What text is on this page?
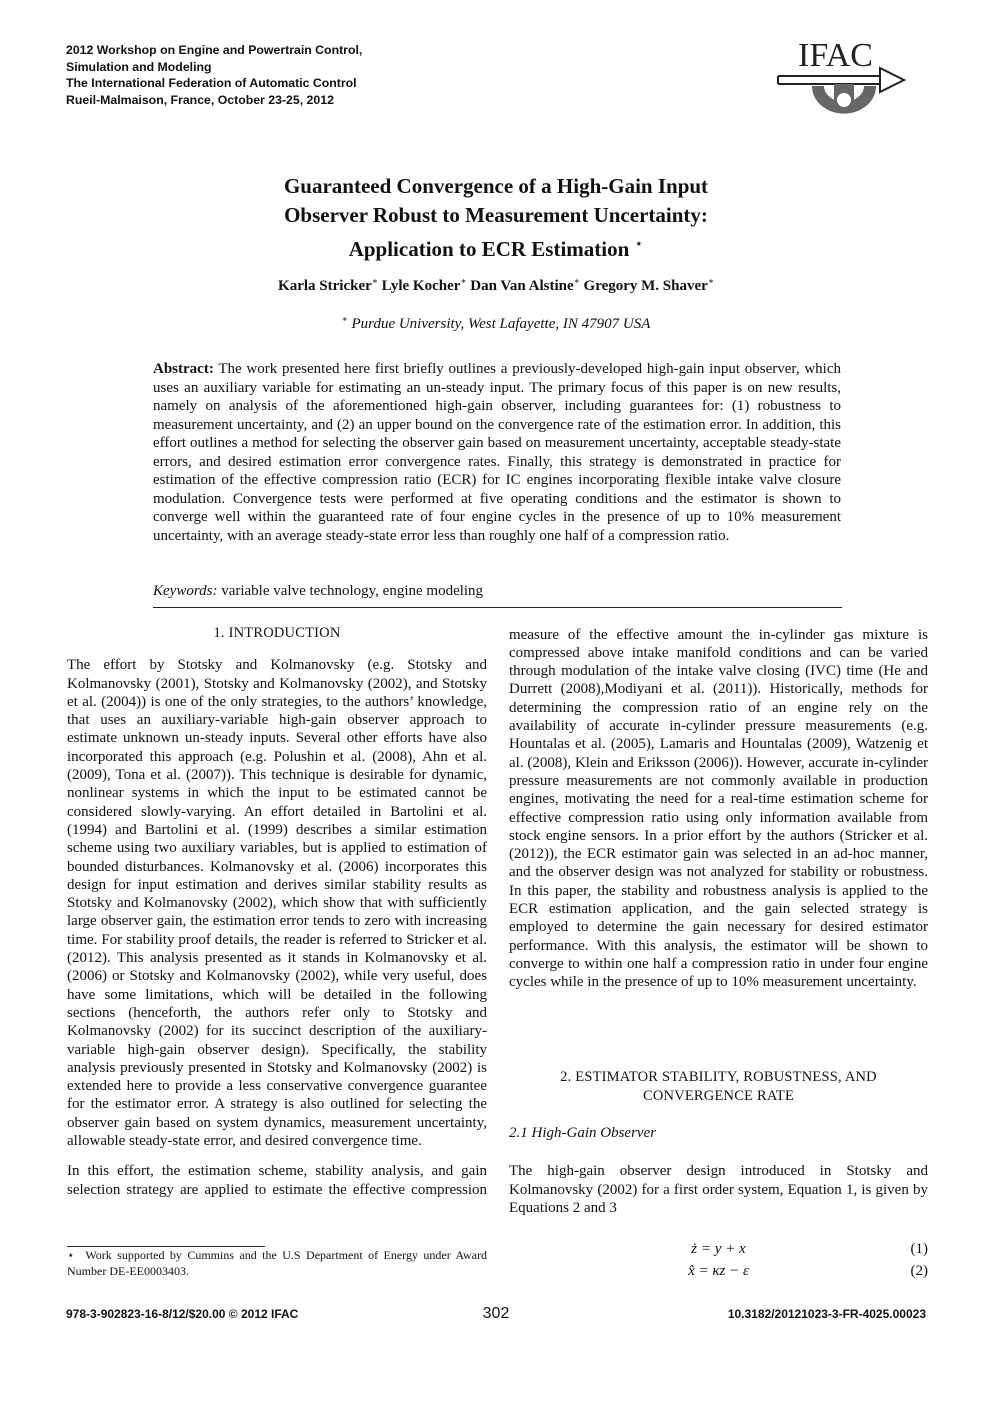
2012 Workshop on Engine and Powertrain Control,
Simulation and Modeling
The International Federation of Automatic Control
Rueil-Malmaison, France, October 23-25, 2012
IFAC
Guaranteed Convergence of a High-Gain Input
Observer Robust to Measurement Uncertainty:
Application to ECR Estimation ⋆
Karla Stricker∗ Lyle Kocher∗ Dan Van Alstine∗ Gregory M. Shaver∗
∗ Purdue University, West Lafayette, IN 47907 USA
Abstract: The work presented here first briefly outlines a previously-developed high-gain input observer, which uses an auxiliary variable for estimating an un-steady input. The primary focus of this paper is on new results, namely on analysis of the aforementioned high-gain observer, including guarantees for: (1) robustness to measurement uncertainty, and (2) an upper bound on the convergence rate of the estimation error. In addition, this effort outlines a method for selecting the observer gain based on measurement uncertainty, acceptable steady-state errors, and desired estimation error convergence rates. Finally, this strategy is demonstrated in practice for estimation of the effective compression ratio (ECR) for IC engines incorporating flexible intake valve closure modulation. Convergence tests were performed at five operating conditions and the estimator is shown to converge well within the guaranteed rate of four engine cycles in the presence of up to 10% measurement uncertainty, with an average steady-state error less than roughly one half of a compression ratio.
Keywords: variable valve technology, engine modeling
1. INTRODUCTION

The effort by Stotsky and Kolmanovsky (e.g. Stotsky and Kolmanovsky (2001), Stotsky and Kolmanovsky (2002), and Stotsky et al. (2004)) is one of the only strategies, to the authors’ knowledge, that uses an auxiliary-variable high-gain observer approach to estimate unknown un-steady inputs. Several other efforts have also incorporated this approach (e.g. Polushin et al. (2008), Ahn et al. (2009), Tona et al. (2007)). This technique is desirable for dynamic, nonlinear systems in which the input to be estimated cannot be considered slowly-varying. An effort detailed in Bartolini et al. (1994) and Bartolini et al. (1999) describes a similar estimation scheme using two auxiliary variables, but is applied to estimation of bounded disturbances. Kolmanovsky et al. (2006) incorporates this design for input estimation and derives similar stability results as Stotsky and Kolmanovsky (2002), which show that with sufficiently large observer gain, the estimation error tends to zero with increasing time. For stability proof details, the reader is referred to Stricker et al. (2012). This analysis presented as it stands in Kolmanovsky et al. (2006) or Stotsky and Kolmanovsky (2002), while very useful, does have some limitations, which will be detailed in the following sections (henceforth, the authors refer only to Stotsky and Kolmanovsky (2002) for its succinct description of the auxiliary-variable high-gain observer design). Specifically, the stability analysis previously presented in Stotsky and Kolmanovsky (2002) is extended here to provide a less conservative convergence guarantee for the estimator error. A strategy is also outlined for selecting the observer gain based on system dynamics, measurement uncertainty, allowable steady-state error, and desired convergence time.

In this effort, the estimation scheme, stability analysis, and gain selection strategy are applied to estimate the effective compression
measure of the effective amount the in-cylinder gas mixture is compressed above intake manifold conditions and can be varied through modulation of the intake valve closing (IVC) time (He and Durrett (2008),Modiyani et al. (2011)). Historically, methods for determining the compression ratio of an engine rely on the availability of accurate in-cylinder pressure measurements (e.g. Hountalas et al. (2005), Lamaris and Hountalas (2009), Watzenig et al. (2008), Klein and Eriksson (2006)). However, accurate in-cylinder pressure measurements are not commonly available in production engines, motivating the need for a real-time estimation scheme for effective compression ratio using only information available from stock engine sensors. In a prior effort by the authors (Stricker et al. (2012)), the ECR estimator gain was selected in an ad-hoc manner, and the observer design was not analyzed for stability or robustness. In this paper, the stability and robustness analysis is applied to the ECR estimation application, and the gain selected strategy is employed to determine the gain necessary for desired estimator performance. With this analysis, the estimator will be shown to converge to within one half a compression ratio in under four engine cycles while in the presence of up to 10% measurement uncertainty.
2. ESTIMATOR STABILITY, ROBUSTNESS, AND
CONVERGENCE RATE
2.1 High-Gain Observer

The high-gain observer design introduced in Stotsky and Kolmanovsky (2002) for a first order system, Equation 1, is given by Equations 2 and 3

ż = y + x	(1)
x̂ = κz − ε	(2)
⋆ Work supported by Cummins and the U.S Department of Energy under Award Number DE-EE0003403.
978-3-902823-16-8/12/$20.00 © 2012 IFAC	302	10.3182/20121023-3-FR-4025.00023
